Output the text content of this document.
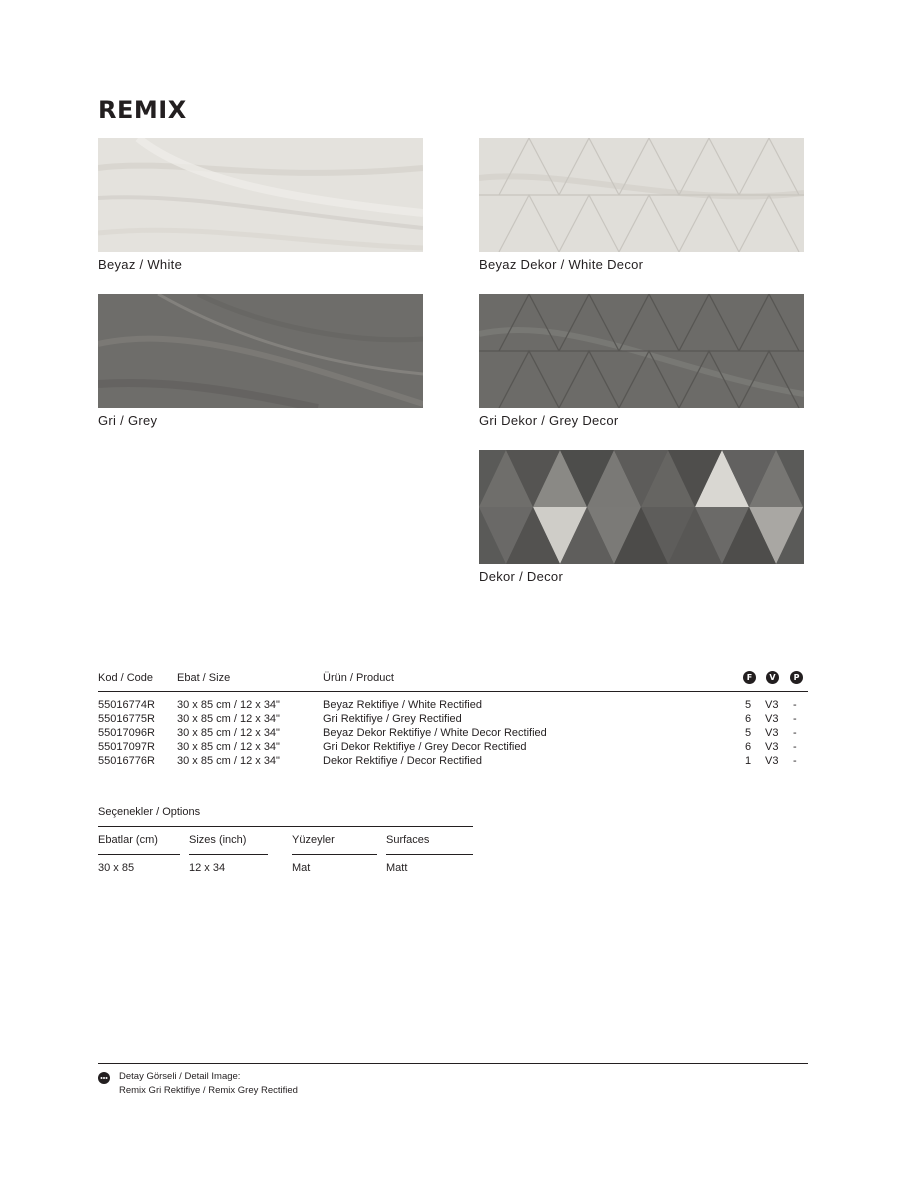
REMIX
Beyaz / White	Beyaz Dekor / White Decor
Gri / Grey	Gri Dekor / Grey Decor
Dekor / Decor
Kod / Code Ebat / Size	Ürün / Product	F	V	P
55016774R 30 x 85 cm / 12 x 34"	Beyaz Rektifiye / White Rectified	5 V3 -
55016775R 30 x 85 cm / 12 x 34"	Gri Rektifiye / Grey Rectified	6 V3 -
55017096R 30 x 85 cm / 12 x 34"	Beyaz Dekor Rektifiye / White Decor Rectified	5 V3 -
55017097R 30 x 85 cm / 12 x 34"	Gri Dekor Rektifiye / Grey Decor Rectified	6 V3 -
55016776R 30 x 85 cm / 12 x 34"	Dekor Rektifiye / Decor Rectified	1 V3 -
Seçenekler / Options
Ebatlar (cm)	Sizes (inch)	Yüzeyler	Surfaces
30 x 85	12 x 34	Mat	Matt
Detay Görseli / Detail Image:
Remix Gri Rektifiye / Remix Grey Rectified
